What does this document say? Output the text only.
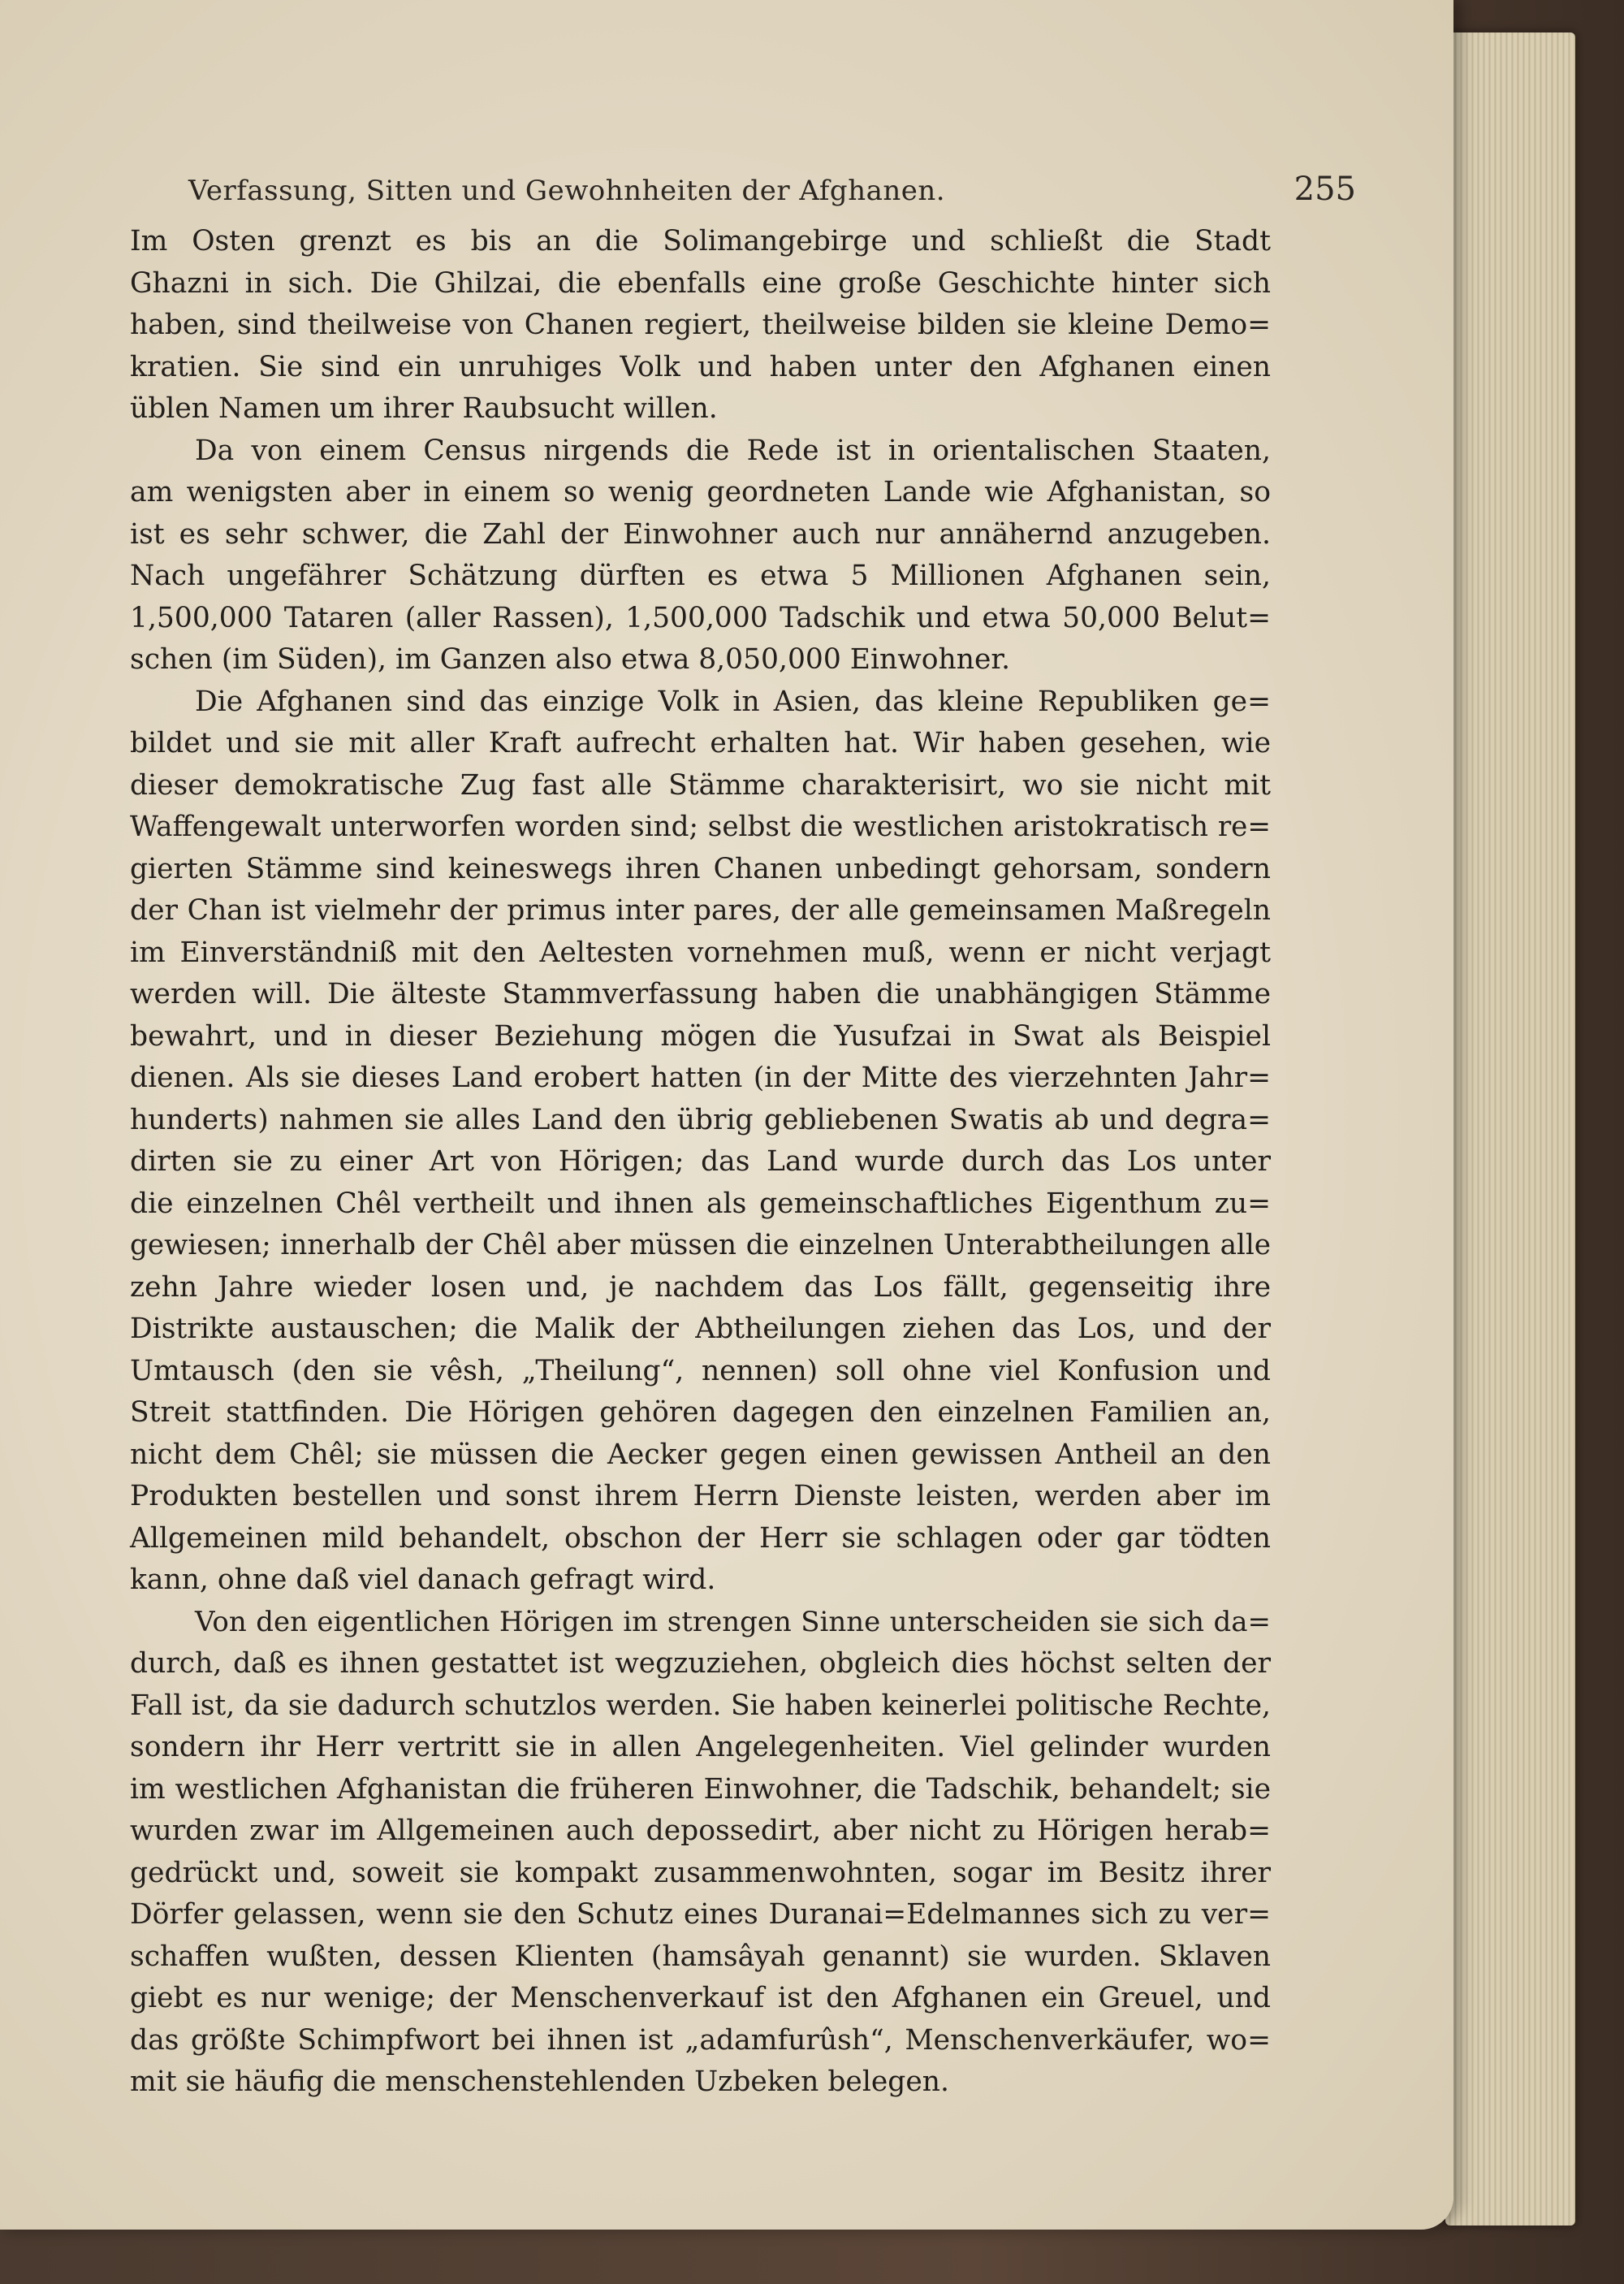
Verfassung, Sitten und Gewohnheiten der Afghanen.	255
Im Osten grenzt es bis an die Solimangebirge und schließt die Stadt
Ghazni in sich. Die Ghilzai, die ebenfalls eine große Geschichte hinter sich
haben, sind theilweise von Chanen regiert, theilweise bilden sie kleine Demo=
kratien. Sie sind ein unruhiges Volk und haben unter den Afghanen einen
üblen Namen um ihrer Raubsucht willen.
Da von einem Census nirgends die Rede ist in orientalischen Staaten,
am wenigsten aber in einem so wenig geordneten Lande wie Afghanistan, so
ist es sehr schwer, die Zahl der Einwohner auch nur annähernd anzugeben.
Nach ungefährer Schätzung dürften es etwa 5 Millionen Afghanen sein,
1,500,000 Tataren (aller Rassen), 1,500,000 Tadschik und etwa 50,000 Belut=
schen (im Süden), im Ganzen also etwa 8,050,000 Einwohner.
Die Afghanen sind das einzige Volk in Asien, das kleine Republiken ge=
bildet und sie mit aller Kraft aufrecht erhalten hat. Wir haben gesehen, wie
dieser demokratische Zug fast alle Stämme charakterisirt, wo sie nicht mit
Waffengewalt unterworfen worden sind; selbst die westlichen aristokratisch re=
gierten Stämme sind keineswegs ihren Chanen unbedingt gehorsam, sondern
der Chan ist vielmehr der primus inter pares, der alle gemeinsamen Maßregeln
im Einverständniß mit den Aeltesten vornehmen muß, wenn er nicht verjagt
werden will. Die älteste Stammverfassung haben die unabhängigen Stämme
bewahrt, und in dieser Beziehung mögen die Yusufzai in Swat als Beispiel
dienen. Als sie dieses Land erobert hatten (in der Mitte des vierzehnten Jahr=
hunderts) nahmen sie alles Land den übrig gebliebenen Swatis ab und degra=
dirten sie zu einer Art von Hörigen; das Land wurde durch das Los unter
die einzelnen Chêl vertheilt und ihnen als gemeinschaftliches Eigenthum zu=
gewiesen; innerhalb der Chêl aber müssen die einzelnen Unterabtheilungen alle
zehn Jahre wieder losen und, je nachdem das Los fällt, gegenseitig ihre
Distrikte austauschen; die Malik der Abtheilungen ziehen das Los, und der
Umtausch (den sie vêsh, „Theilung“, nennen) soll ohne viel Konfusion und
Streit stattfinden. Die Hörigen gehören dagegen den einzelnen Familien an,
nicht dem Chêl; sie müssen die Aecker gegen einen gewissen Antheil an den
Produkten bestellen und sonst ihrem Herrn Dienste leisten, werden aber im
Allgemeinen mild behandelt, obschon der Herr sie schlagen oder gar tödten
kann, ohne daß viel danach gefragt wird.
Von den eigentlichen Hörigen im strengen Sinne unterscheiden sie sich da=
durch, daß es ihnen gestattet ist wegzuziehen, obgleich dies höchst selten der
Fall ist, da sie dadurch schutzlos werden. Sie haben keinerlei politische Rechte,
sondern ihr Herr vertritt sie in allen Angelegenheiten. Viel gelinder wurden
im westlichen Afghanistan die früheren Einwohner, die Tadschik, behandelt; sie
wurden zwar im Allgemeinen auch depossedirt, aber nicht zu Hörigen herab=
gedrückt und, soweit sie kompakt zusammenwohnten, sogar im Besitz ihrer
Dörfer gelassen, wenn sie den Schutz eines Duranai=Edelmannes sich zu ver=
schaffen wußten, dessen Klienten (hamsâyah genannt) sie wurden. Sklaven
giebt es nur wenige; der Menschenverkauf ist den Afghanen ein Greuel, und
das größte Schimpfwort bei ihnen ist „adamfurûsh“, Menschenverkäufer, wo=
mit sie häufig die menschenstehlenden Uzbeken belegen.
